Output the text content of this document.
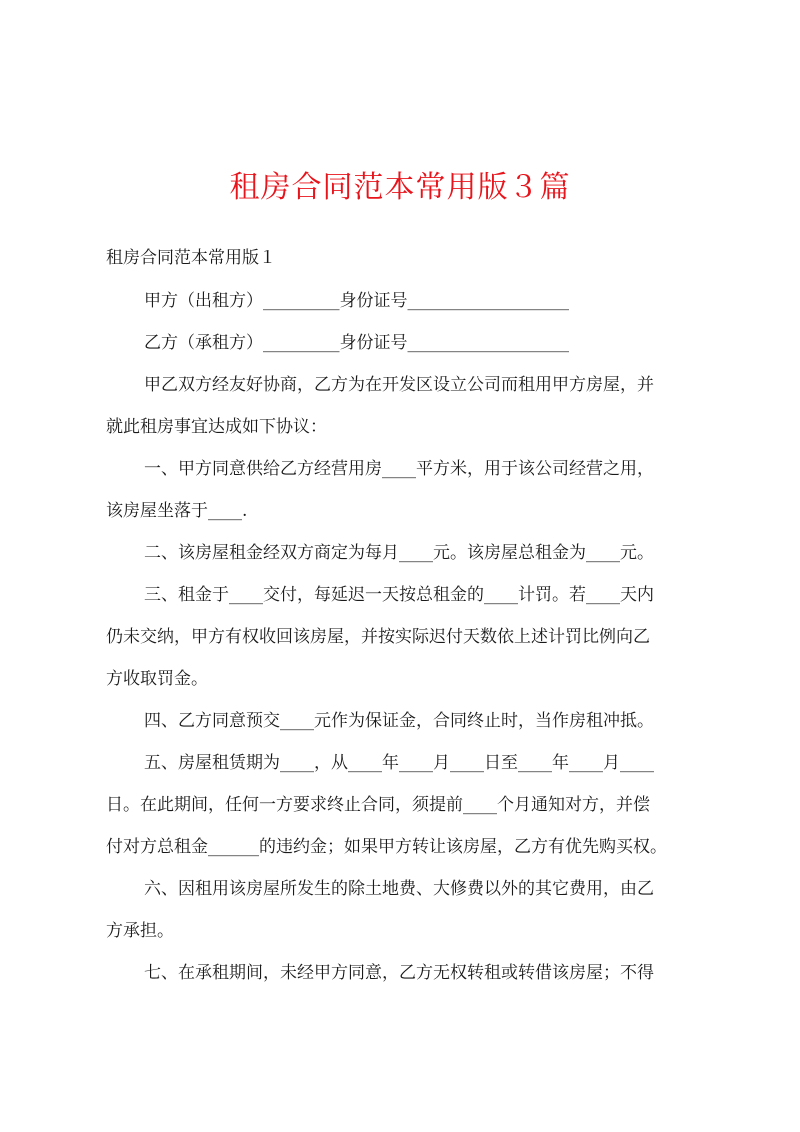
租房合同范本常用版３篇
租房合同范本常用版１

甲方（出租方）_________身份证号___________________

乙方（承租方）_________身份证号___________________

甲乙双方经友好协商，乙方为在开发区设立公司而租用甲方房屋，并

就此租房事宜达成如下协议：

一、甲方同意供给乙方经营用房____平方米，用于该公司经营之用，

该房屋坐落于____.

二、该房屋租金经双方商定为每月____元。该房屋总租金为____元。

三、租金于____交付，每延迟一天按总租金的____计罚。若____天内

仍未交纳，甲方有权收回该房屋，并按实际迟付天数依上述计罚比例向乙

方收取罚金。

四、乙方同意预交____元作为保证金，合同终止时，当作房租冲抵。

五、房屋租赁期为____，从____年____月____日至____年____月____

日。在此期间，任何一方要求终止合同，须提前____个月通知对方，并偿

付对方总租金______的违约金；如果甲方转让该房屋，乙方有优先购买权。

六、因租用该房屋所发生的除土地费、大修费以外的其它费用，由乙

方承担。

七、在承租期间，未经甲方同意，乙方无权转租或转借该房屋；不得
